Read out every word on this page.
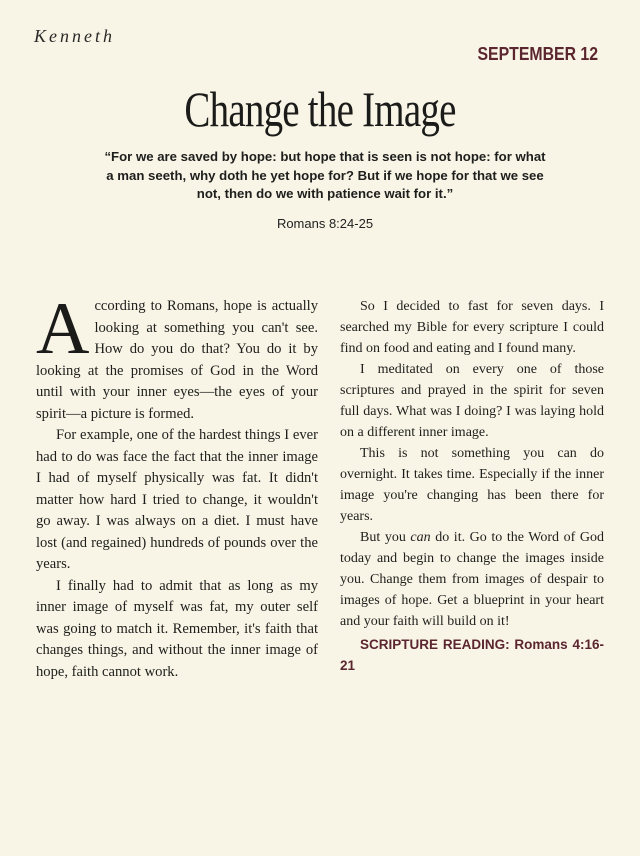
Kenneth
SEPTEMBER 12
Change the Image
“For we are saved by hope: but hope that is seen is not hope: for what a man seeth, why doth he yet hope for? But if we hope for that we see not, then do we with patience wait for it.”
Romans 8:24-25

According to Romans, hope is actually looking at something you can't see. How do you do that? You do it by looking at the promises of God in the Word until with your inner eyes—the eyes of your spirit—a picture is formed.

For example, one of the hardest things I ever had to do was face the fact that the inner image I had of myself physically was fat. It didn't matter how hard I tried to change, it wouldn't go away. I was always on a diet. I must have lost (and regained) hundreds of pounds over the years.

I finally had to admit that as long as my inner image of myself was fat, my outer self was going to match it. Remember, it's faith that changes things, and without the inner image of hope, faith cannot work.

So I decided to fast for seven days. I searched my Bible for every scripture I could find on food and eating and I found many.

I meditated on every one of those scriptures and prayed in the spirit for seven full days. What was I doing? I was laying hold on a different inner image.

This is not something you can do overnight. It takes time. Especially if the inner image you're changing has been there for years.

But you can do it. Go to the Word of God today and begin to change the images inside you. Change them from images of despair to images of hope. Get a blueprint in your heart and your faith will build on it!

SCRIPTURE READING: Romans 4:16-21
